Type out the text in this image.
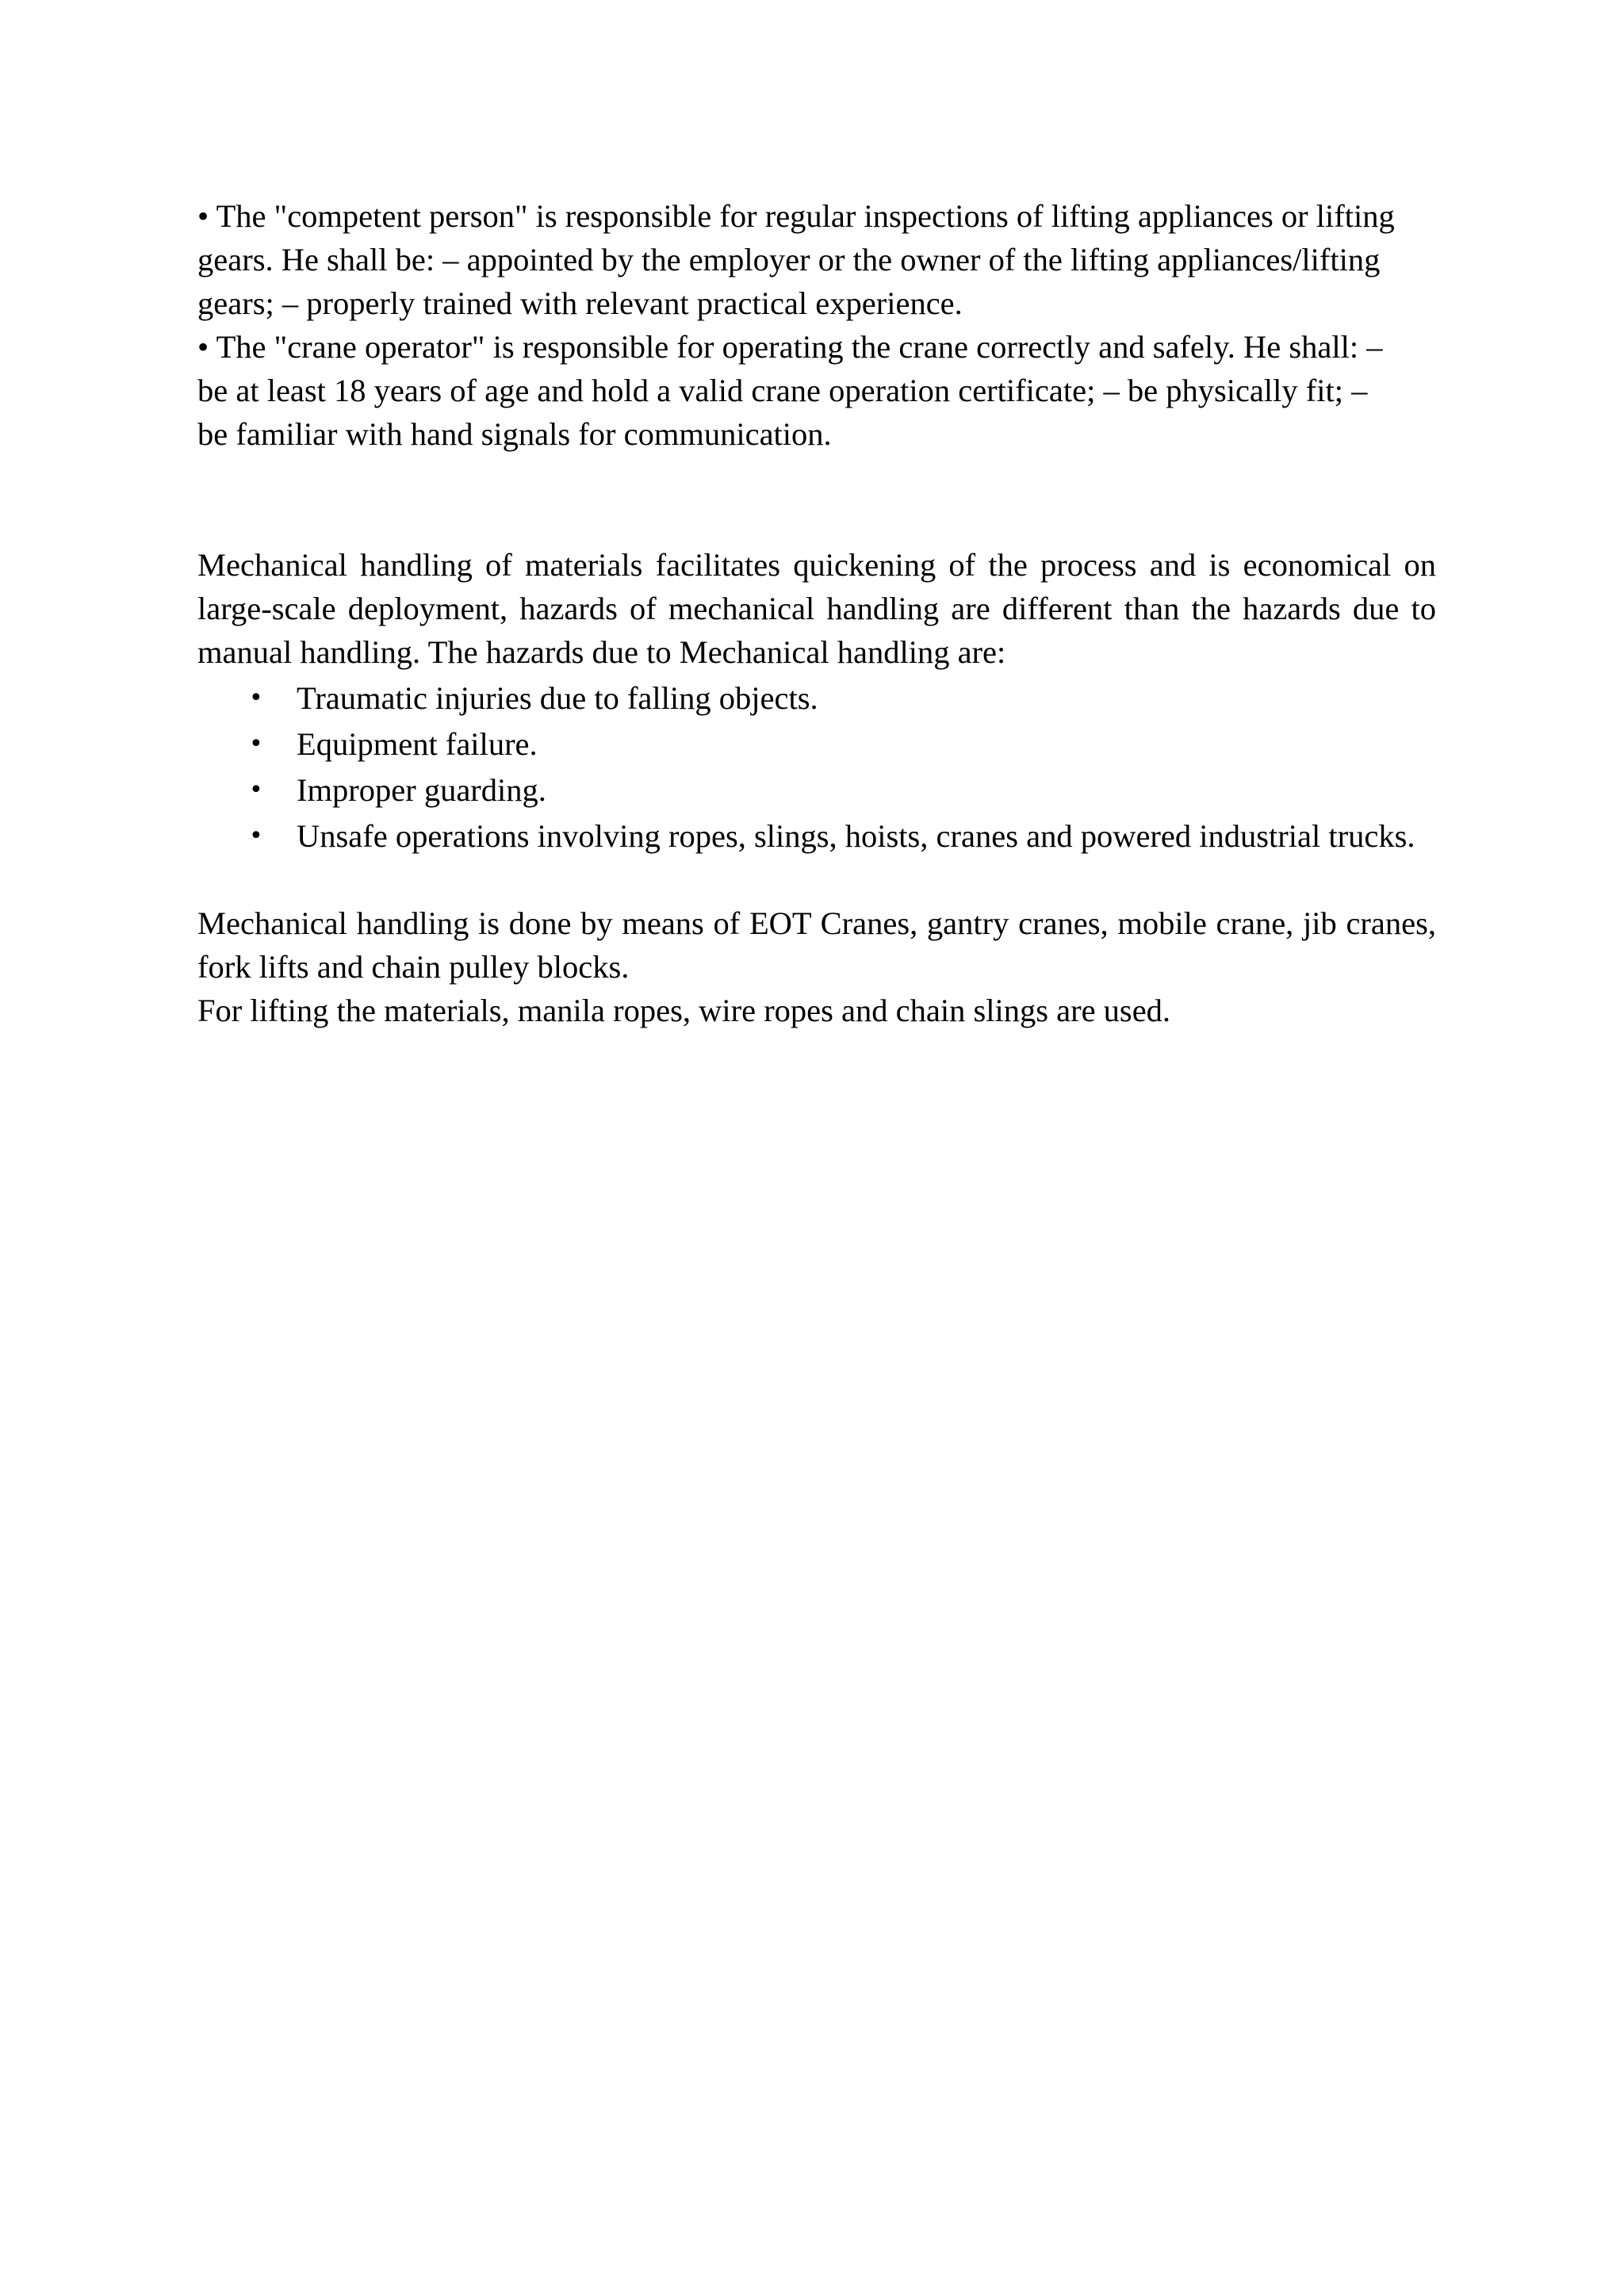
• The "competent person" is responsible for regular inspections of lifting appliances or lifting
gears. He shall be: – appointed by the employer or the owner of the lifting appliances/lifting
gears; – properly trained with relevant practical experience.
• The "crane operator" is responsible for operating the crane correctly and safely. He shall: –
be at least 18 years of age and hold a valid crane operation certificate; – be physically fit; –
be familiar with hand signals for communication.
Mechanical handling of materials facilitates quickening of the process and is economical on large-scale deployment, hazards of mechanical handling are different than the hazards due to manual handling. The hazards due to Mechanical handling are:
• Traumatic injuries due to falling objects.
• Equipment failure.
• Improper guarding.
• Unsafe operations involving ropes, slings, hoists, cranes and powered industrial trucks.
Mechanical handling is done by means of EOT Cranes, gantry cranes, mobile crane, jib cranes, fork lifts and chain pulley blocks.
For lifting the materials, manila ropes, wire ropes and chain slings are used.
